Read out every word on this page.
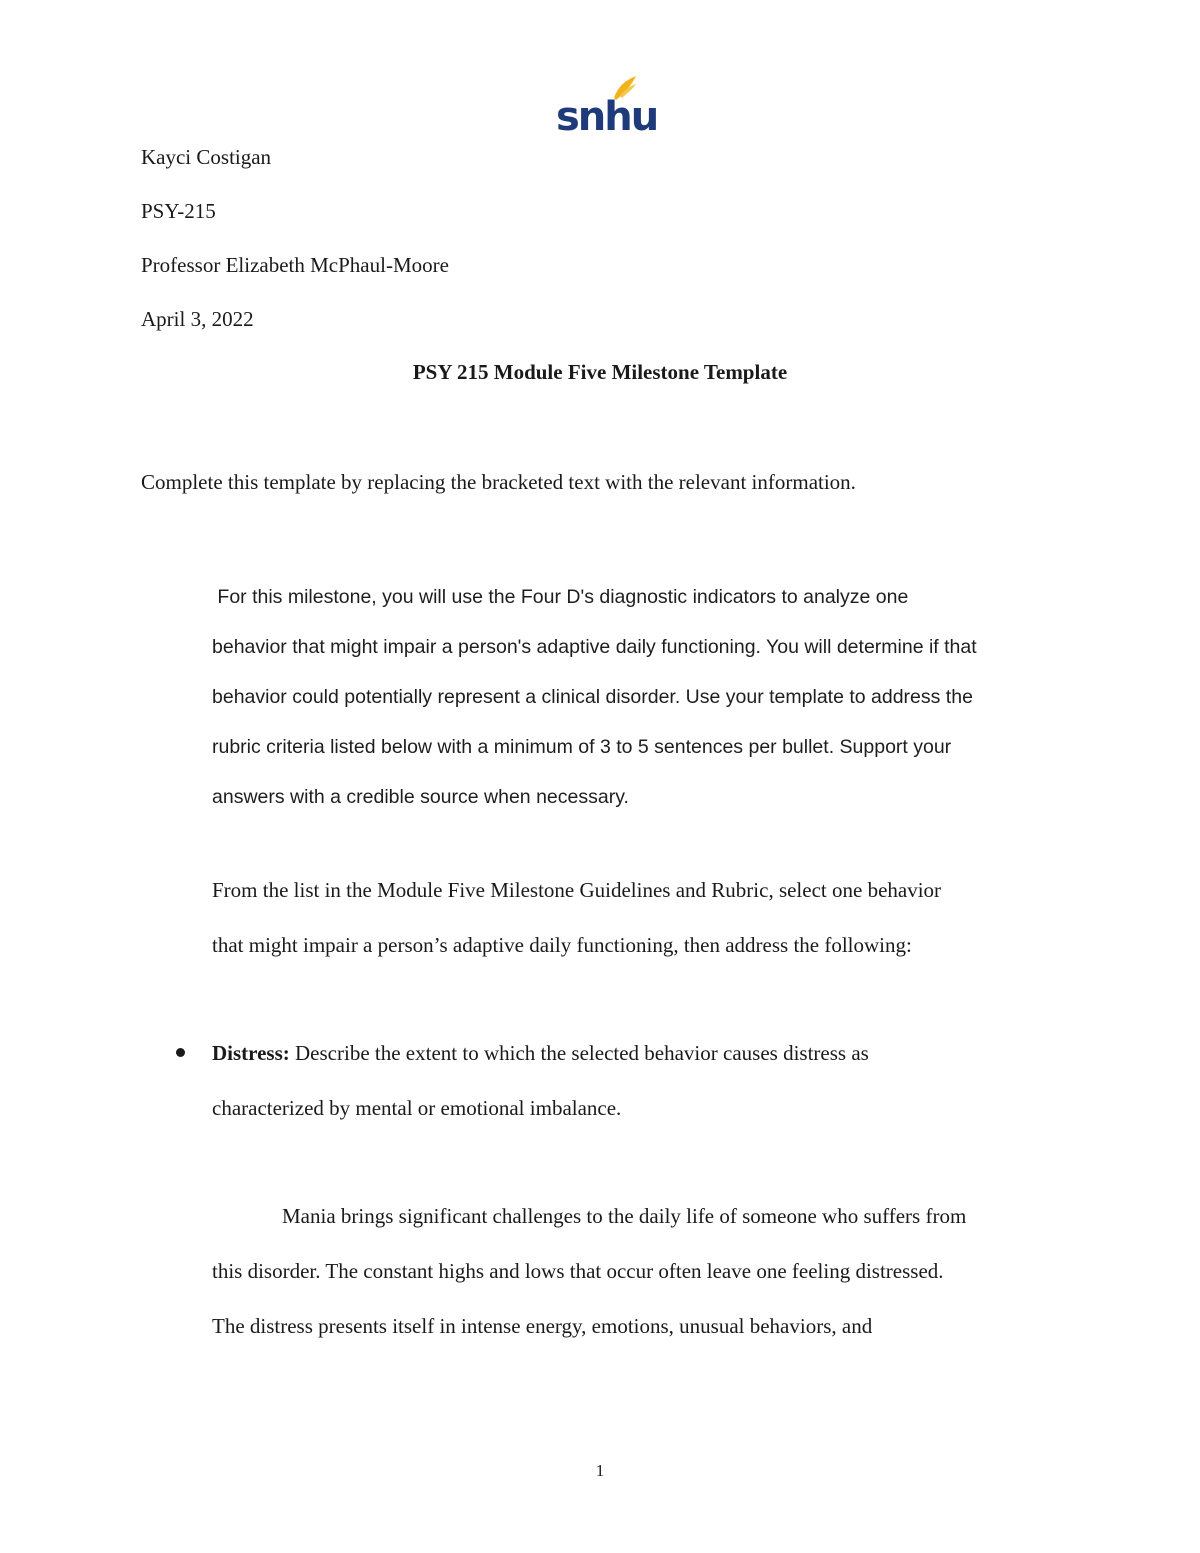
snhu
Kayci Costigan
PSY-215
Professor Elizabeth McPhaul-Moore
April 3, 2022
PSY 215 Module Five Milestone Template
Complete this template by replacing the bracketed text with the relevant information.
For this milestone, you will use the Four D's diagnostic indicators to analyze one
behavior that might impair a person's adaptive daily functioning. You will determine if that
behavior could potentially represent a clinical disorder. Use your template to address the
rubric criteria listed below with a minimum of 3 to 5 sentences per bullet. Support your
answers with a credible source when necessary.
From the list in the Module Five Milestone Guidelines and Rubric, select one behavior
that might impair a person’s adaptive daily functioning, then address the following:
Distress: Describe the extent to which the selected behavior causes distress as
characterized by mental or emotional imbalance.
Mania brings significant challenges to the daily life of someone who suffers from
this disorder. The constant highs and lows that occur often leave one feeling distressed.
The distress presents itself in intense energy, emotions, unusual behaviors, and
1
